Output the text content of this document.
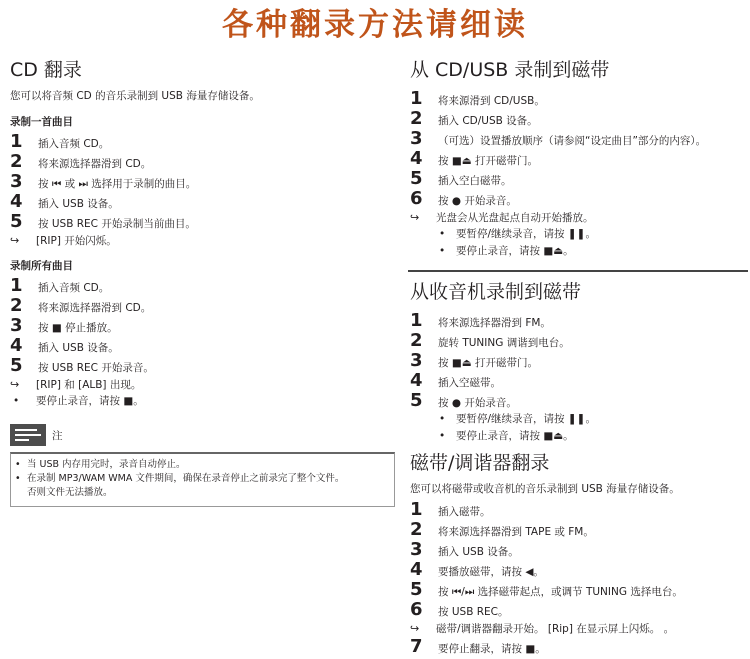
各种翻录方法请细读
CD 翻录
您可以将音频 CD 的音乐录制到 USB 海量存储设备。
录制一首曲目
1	插入音频 CD。
2	将来源选择器滑到 CD。
3	按 ⏮ 或 ⏭ 选择用于录制的曲目。
4	插入 USB 设备。
5	按 USB REC 开始录制当前曲目。
↪	[RIP] 开始闪烁。
录制所有曲目
1	插入音频 CD。
2	将来源选择器滑到 CD。
3	按 ■ 停止播放。
4	插入 USB 设备。
5	按 USB REC 开始录音。
↪	[RIP] 和 [ALB] 出现。
•	要停止录音，请按 ■。
注
• 当 USB 内存用完时，录音自动停止。
• 在录制 MP3/WAM WMA 文件期间，确保在录音停止之前录完了整个文件。
否则文件无法播放。
从 CD/USB 录制到磁带
1	将来源滑到 CD/USB。
2	插入 CD/USB 设备。
3	（可选）设置播放顺序（请参阅“设定曲目”部分的内容）。
4	按 ■⏏ 打开磁带门。
5	插入空白磁带。
6	按 ● 开始录音。
↪	光盘会从光盘起点自动开始播放。
•	要暂停/继续录音，请按 ❚❚。
•	要停止录音，请按 ■⏏。
从收音机录制到磁带
1	将来源选择器滑到 FM。
2	旋转 TUNING 调谐到电台。
3	按 ■⏏ 打开磁带门。
4	插入空磁带。
5	按 ● 开始录音。
•	要暂停/继续录音，请按 ❚❚。
•	要停止录音，请按 ■⏏。
磁带/调谐器翻录
您可以将磁带或收音机的音乐录制到 USB 海量存储设备。
1	插入磁带。
2	将来源选择器滑到 TAPE 或 FM。
3	插入 USB 设备。
4	要播放磁带，请按 ◀。
5	按 ⏮/⏭ 选择磁带起点，或调节 TUNING 选择电台。
6	按 USB REC。
↪	磁带/调谐器翻录开始。 [Rip] 在显示屏上闪烁。 。
7	要停止翻录，请按 ■。
